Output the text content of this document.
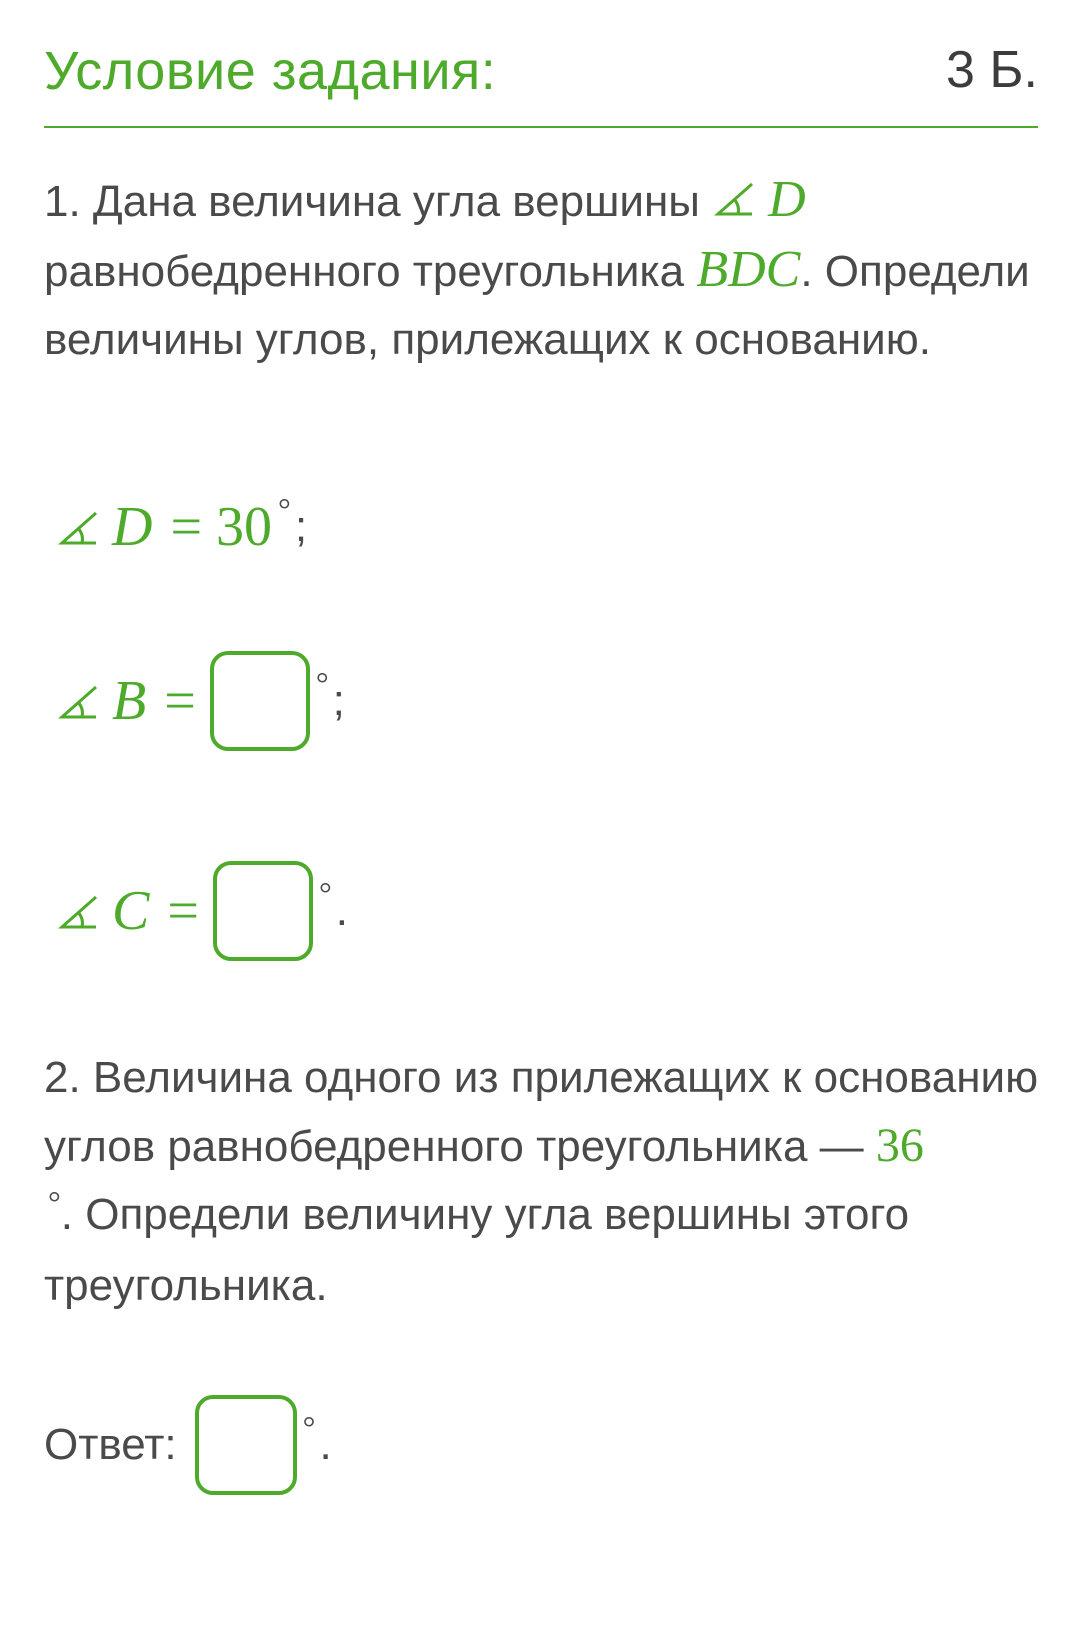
Условие задания:	3 Б.
1. Дана величина угла вершины D
равнобедренного треугольника BDC. Определи величины углов, прилежащих к основанию.
D = 30 ° ;
B =	° ;
C =	° .
2. Величина одного из прилежащих к основанию углов равнобедренного треугольника — 36
°. Определи величину угла вершины этого треугольника.
Ответ:	° .
